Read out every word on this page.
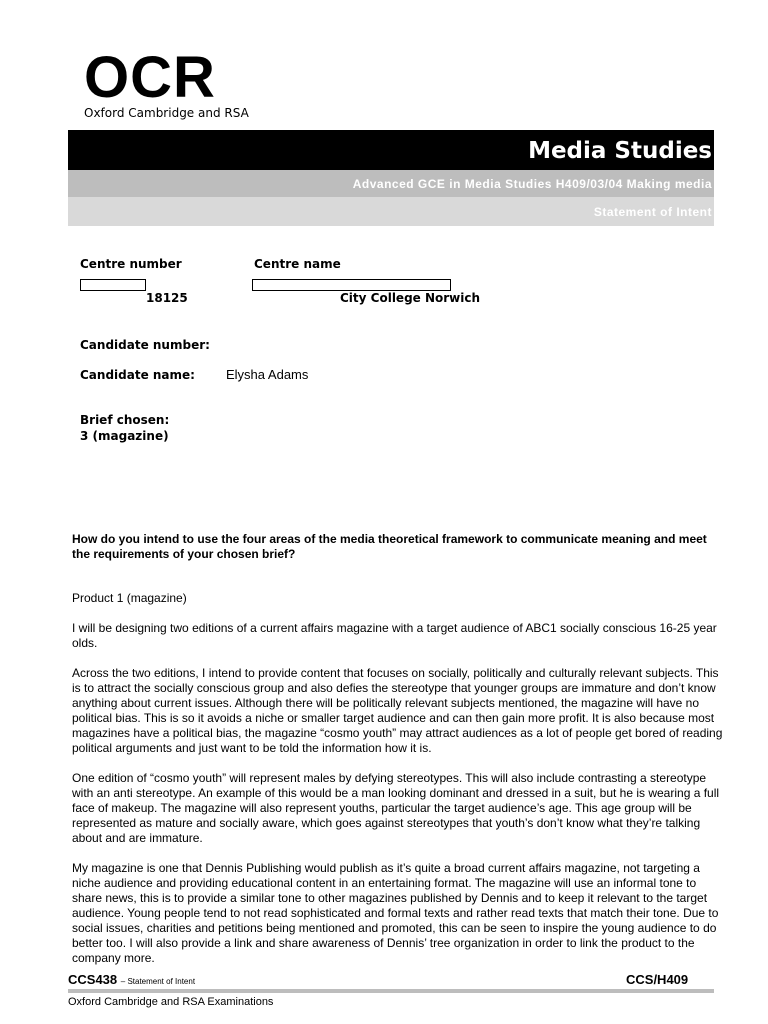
OCR
Oxford Cambridge and RSA
Media Studies
Advanced GCE in Media Studies H409/03/04 Making media
Statement of Intent
Centre number
18125
Centre name
City College Norwich
Candidate number:
Candidate name: Elysha Adams
Brief chosen:
3 (magazine)
How do you intend to use the four areas of the media theoretical framework to communicate meaning and meet the requirements of your chosen brief?

Product 1 (magazine)

I will be designing two editions of a current affairs magazine with a target audience of ABC1 socially conscious 16-25 year olds.

Across the two editions, I intend to provide content that focuses on socially, politically and culturally relevant subjects. This is to attract the socially conscious group and also defies the stereotype that younger groups are immature and don’t know anything about current issues. Although there will be politically relevant subjects mentioned, the magazine will have no political bias. This is so it avoids a niche or smaller target audience and can then gain more profit. It is also because most magazines have a political bias, the magazine “cosmo youth” may attract audiences as a lot of people get bored of reading political arguments and just want to be told the information how it is.

One edition of “cosmo youth” will represent males by defying stereotypes. This will also include contrasting a stereotype with an anti stereotype. An example of this would be a man looking dominant and dressed in a suit, but he is wearing a full face of makeup. The magazine will also represent youths, particular the target audience’s age. This age group will be represented as mature and socially aware, which goes against stereotypes that youth’s don’t know what they’re talking about and are immature.

My magazine is one that Dennis Publishing would publish as it’s quite a broad current affairs magazine, not targeting a niche audience and providing educational content in an entertaining format. The magazine will use an informal tone to share news, this is to provide a similar tone to other magazines published by Dennis and to keep it relevant to the target audience. Young people tend to not read sophisticated and formal texts and rather read texts that match their tone. Due to social issues, charities and petitions being mentioned and promoted, this can be seen to inspire the young audience to do better too. I will also provide a link and share awareness of Dennis’ tree organization in order to link the product to the company more.

CCS438 – Statement of Intent	CCS/H409
Oxford Cambridge and RSA Examinations
